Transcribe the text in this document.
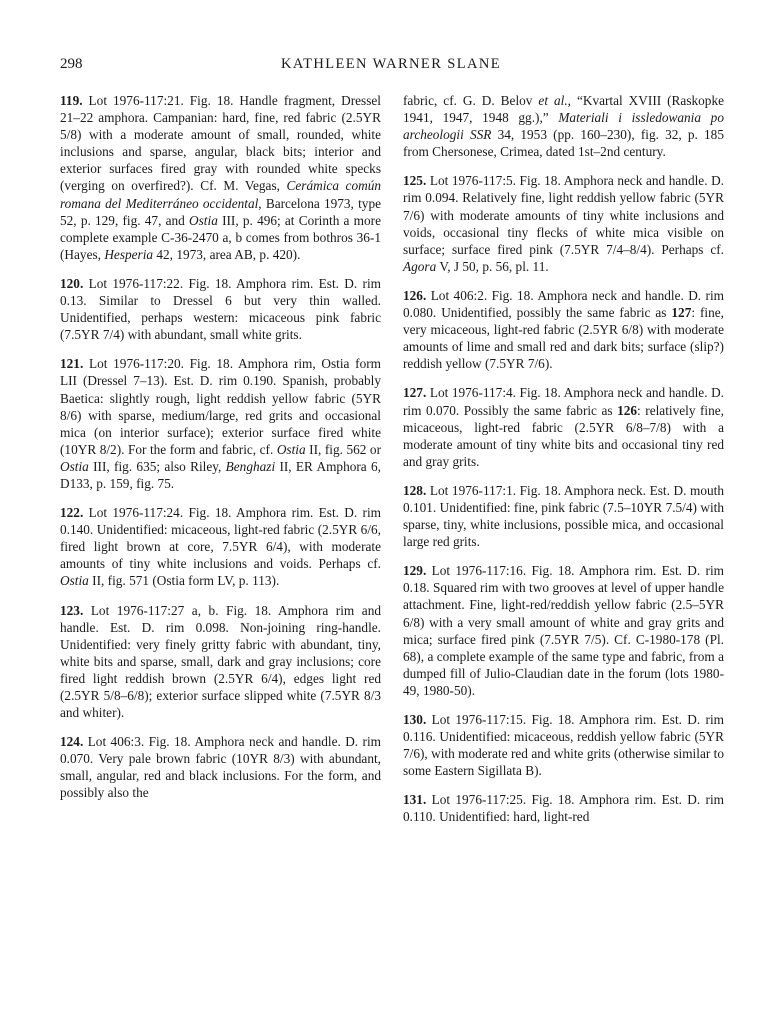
298	KATHLEEN WARNER SLANE

119. Lot 1976-117:21. Fig. 18. Handle fragment, Dressel 21–22 amphora. Campanian: hard, fine, red fabric (2.5YR 5/8) with a moderate amount of small, rounded, white inclusions and sparse, angular, black bits; interior and exterior surfaces fired gray with rounded white specks (verging on overfired?). Cf. M. Vegas, Cerámica común romana del Mediterráneo occidental, Barcelona 1973, type 52, p. 129, fig. 47, and Ostia III, p. 496; at Corinth a more complete example C-36-2470 a, b comes from bothros 36-1 (Hayes, Hesperia 42, 1973, area AB, p. 420).

120. Lot 1976-117:22. Fig. 18. Amphora rim. Est. D. rim 0.13. Similar to Dressel 6 but very thin walled. Unidentified, perhaps western: micaceous pink fabric (7.5YR 7/4) with abundant, small white grits.

121. Lot 1976-117:20. Fig. 18. Amphora rim, Ostia form LII (Dressel 7–13). Est. D. rim 0.190. Spanish, probably Baetica: slightly rough, light reddish yellow fabric (5YR 8/6) with sparse, medium/large, red grits and occasional mica (on interior surface); exterior surface fired white (10YR 8/2). For the form and fabric, cf. Ostia II, fig. 562 or Ostia III, fig. 635; also Riley, Benghazi II, ER Amphora 6, D133, p. 159, fig. 75.

122. Lot 1976-117:24. Fig. 18. Amphora rim. Est. D. rim 0.140. Unidentified: micaceous, light-red fabric (2.5YR 6/6, fired light brown at core, 7.5YR 6/4), with moderate amounts of tiny white inclusions and voids. Perhaps cf. Ostia II, fig. 571 (Ostia form LV, p. 113).

123. Lot 1976-117:27 a, b. Fig. 18. Amphora rim and handle. Est. D. rim 0.098. Non-joining ring-handle. Unidentified: very finely gritty fabric with abundant, tiny, white bits and sparse, small, dark and gray inclusions; core fired light reddish brown (2.5YR 6/4), edges light red (2.5YR 5/8–6/8); exterior surface slipped white (7.5YR 8/3 and whiter).

124. Lot 406:3. Fig. 18. Amphora neck and handle. D. rim 0.070. Very pale brown fabric (10YR 8/3) with abundant, small, angular, red and black inclusions. For the form, and possibly also the

fabric, cf. G. D. Belov et al., “Kvartal XVIII (Raskopke 1941, 1947, 1948 gg.),” Materiali i issledowania po archeologii SSR 34, 1953 (pp. 160–230), fig. 32, p. 185 from Chersonese, Crimea, dated 1st–2nd century.

125. Lot 1976-117:5. Fig. 18. Amphora neck and handle. D. rim 0.094. Relatively fine, light reddish yellow fabric (5YR 7/6) with moderate amounts of tiny white inclusions and voids, occasional tiny flecks of white mica visible on surface; surface fired pink (7.5YR 7/4–8/4). Perhaps cf. Agora V, J 50, p. 56, pl. 11.

126. Lot 406:2. Fig. 18. Amphora neck and handle. D. rim 0.080. Unidentified, possibly the same fabric as 127: fine, very micaceous, light-red fabric (2.5YR 6/8) with moderate amounts of lime and small red and dark bits; surface (slip?) reddish yellow (7.5YR 7/6).

127. Lot 1976-117:4. Fig. 18. Amphora neck and handle. D. rim 0.070. Possibly the same fabric as 126: relatively fine, micaceous, light-red fabric (2.5YR 6/8–7/8) with a moderate amount of tiny white bits and occasional tiny red and gray grits.

128. Lot 1976-117:1. Fig. 18. Amphora neck. Est. D. mouth 0.101. Unidentified: fine, pink fabric (7.5–10YR 7.5/4) with sparse, tiny, white inclusions, possible mica, and occasional large red grits.

129. Lot 1976-117:16. Fig. 18. Amphora rim. Est. D. rim 0.18. Squared rim with two grooves at level of upper handle attachment. Fine, light-red/reddish yellow fabric (2.5–5YR 6/8) with a very small amount of white and gray grits and mica; surface fired pink (7.5YR 7/5). Cf. C-1980-178 (Pl. 68), a complete example of the same type and fabric, from a dumped fill of Julio-Claudian date in the forum (lots 1980-49, 1980-50).

130. Lot 1976-117:15. Fig. 18. Amphora rim. Est. D. rim 0.116. Unidentified: micaceous, reddish yellow fabric (5YR 7/6), with moderate red and white grits (otherwise similar to some Eastern Sigillata B).

131. Lot 1976-117:25. Fig. 18. Amphora rim. Est. D. rim 0.110. Unidentified: hard, light-red
